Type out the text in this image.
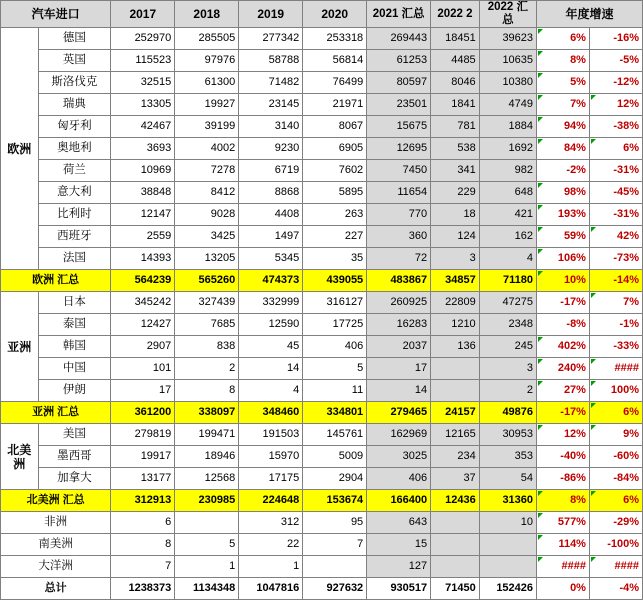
汽车进口		2017	2018	2019	2020	2021 汇总	2022 2	2022 汇总	年度增速	
欧洲	德国	252970	285505	277342	253318	269443	18451	39623	6%	-16%
	英国	115523	97976	58788	56814	61253	4485	10635	8%	-5%
	斯洛伐克	32515	61300	71482	76499	80597	8046	10380	5%	-12%
	瑞典	13305	19927	23145	21971	23501	1841	4749	7%	12%
	匈牙利	42467	39199	3140	8067	15675	781	1884	94%	-38%
	奥地利	3693	4002	9230	6905	12695	538	1692	84%	6%
	荷兰	10969	7278	6719	7602	7450	341	982	-2%	-31%
	意大利	38848	8412	8868	5895	11654	229	648	98%	-45%
	比利时	12147	9028	4408	263	770	18	421	193%	-31%
	西班牙	2559	3425	1497	227	360	124	162	59%	42%
	法国	14393	13205	5345	35	72	3	4	106%	-73%
欧洲 汇总		564239	565260	474373	439055	483867	34857	71180	10%	-14%
亚洲	日本	345242	327439	332999	316127	260925	22809	47275	-17%	7%
	泰国	12427	7685	12590	17725	16283	1210	2348	-8%	-1%
	韩国	2907	838	45	406	2037	136	245	402%	-33%
	中国	101	2	14	5	17		3	240%	####
	伊朗	17	8	4	11	14		2	27%	100%
亚洲 汇总		361200	338097	348460	334801	279465	24157	49876	-17%	6%
北美洲	美国	279819	199471	191503	145761	162969	12165	30953	12%	9%
	墨西哥	19917	18946	15970	5009	3025	234	353	-40%	-60%
	加拿大	13177	12568	17175	2904	406	37	54	-86%	-84%
北美洲 汇总		312913	230985	224648	153674	166400	12436	31360	8%	6%
非洲		6		312	95	643		10	577%	-29%
南美洲		8	5	22	7	15			114%	-100%
大洋洲		7	1	1		127			####	####
总计		1238373	1134348	1047816	927632	930517	71450	152426	0%	-4%
